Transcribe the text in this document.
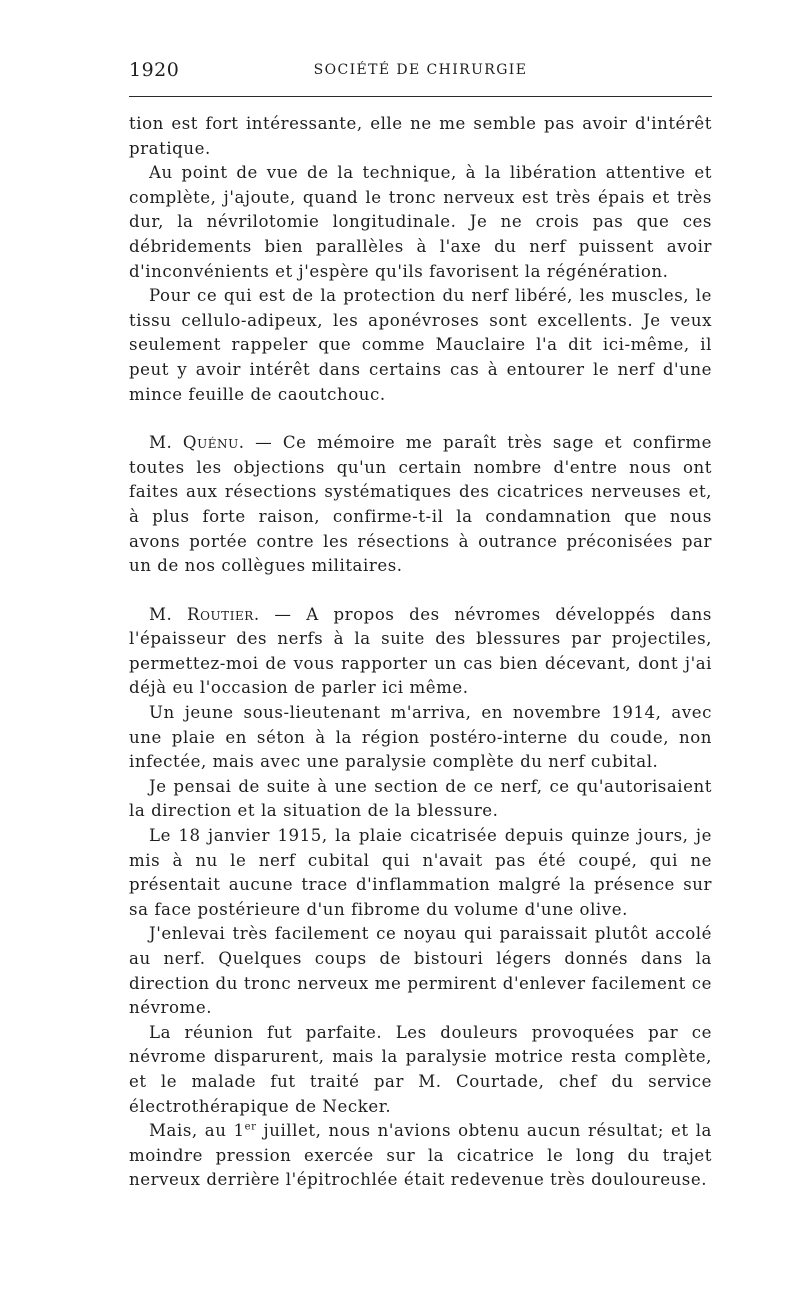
1920	SOCIÉTÉ DE CHIRURGIE

tion est fort intéressante, elle ne me semble pas avoir d'intérêt pratique.

Au point de vue de la technique, à la libération attentive et complète, j'ajoute, quand le tronc nerveux est très épais et très dur, la névrilotomie longitudinale. Je ne crois pas que ces débridements bien parallèles à l'axe du nerf puissent avoir d'inconvénients et j'espère qu'ils favorisent la régénération.

Pour ce qui est de la protection du nerf libéré, les muscles, le tissu cellulo-adipeux, les aponévroses sont excellents. Je veux seulement rappeler que comme Mauclaire l'a dit ici-même, il peut y avoir intérêt dans certains cas à entourer le nerf d'une mince feuille de caoutchouc.

M. Quénu. — Ce mémoire me paraît très sage et confirme toutes les objections qu'un certain nombre d'entre nous ont faites aux résections systématiques des cicatrices nerveuses et, à plus forte raison, confirme-t-il la condamnation que nous avons portée contre les résections à outrance préconisées par un de nos collègues militaires.

M. Routier. — A propos des névromes développés dans l'épaisseur des nerfs à la suite des blessures par projectiles, permettez-moi de vous rapporter un cas bien décevant, dont j'ai déjà eu l'occasion de parler ici même.

Un jeune sous-lieutenant m'arriva, en novembre 1914, avec une plaie en séton à la région postéro-interne du coude, non infectée, mais avec une paralysie complète du nerf cubital.

Je pensai de suite à une section de ce nerf, ce qu'autorisaient la direction et la situation de la blessure.

Le 18 janvier 1915, la plaie cicatrisée depuis quinze jours, je mis à nu le nerf cubital qui n'avait pas été coupé, qui ne présentait aucune trace d'inflammation malgré la présence sur sa face postérieure d'un fibrome du volume d'une olive.

J'enlevai très facilement ce noyau qui paraissait plutôt accolé au nerf. Quelques coups de bistouri légers donnés dans la direction du tronc nerveux me permirent d'enlever facilement ce névrome.

La réunion fut parfaite. Les douleurs provoquées par ce névrome disparurent, mais la paralysie motrice resta complète, et le malade fut traité par M. Courtade, chef du service électrothérapique de Necker.

Mais, au 1er juillet, nous n'avions obtenu aucun résultat; et la moindre pression exercée sur la cicatrice le long du trajet nerveux derrière l'épitrochlée était redevenue très douloureuse.
